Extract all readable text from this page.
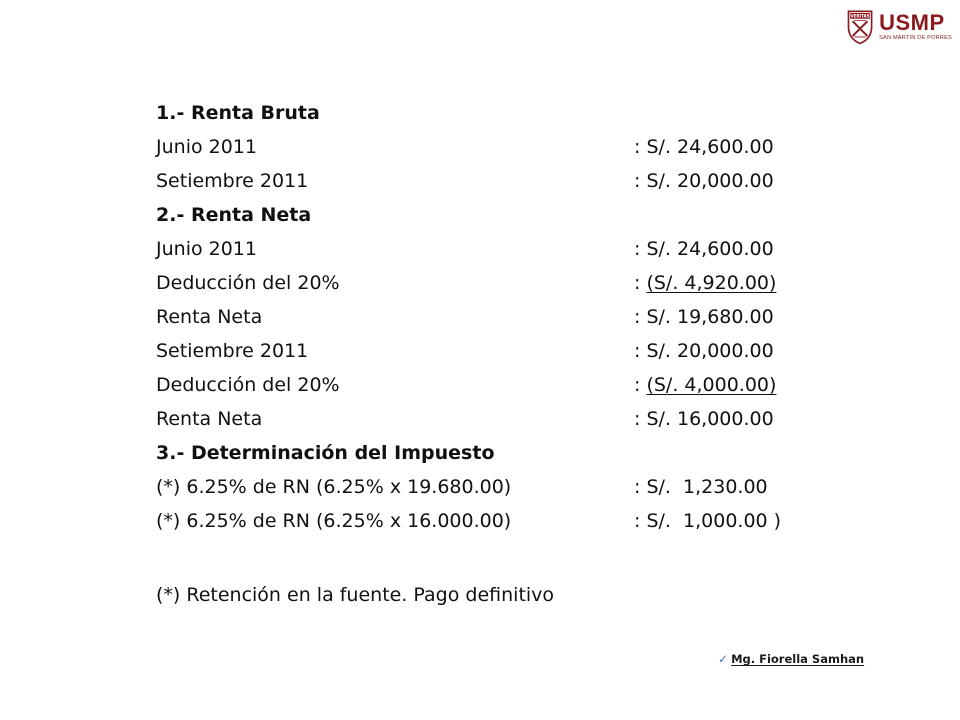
VERITAS USMP
SAN MARTIN DE PORRES
1.- Renta Bruta
Junio 2011	: S/. 24,600.00
Setiembre 2011	: S/. 20,000.00
2.- Renta Neta
Junio 2011	: S/. 24,600.00
Deducción del 20%	: (S/. 4,920.00)
Renta Neta	: S/. 19,680.00
Setiembre 2011	: S/. 20,000.00
Deducción del 20%	: (S/. 4,000.00)
Renta Neta	: S/. 16,000.00
3.- Determinación del Impuesto
(*) 6.25% de RN (6.25% x 19.680.00)	: S/.  1,230.00
(*) 6.25% de RN (6.25% x 16.000.00)	: S/.  1,000.00 )
(*) Retención en la fuente. Pago definitivo
✓ Mg. Fiorella Samhan
